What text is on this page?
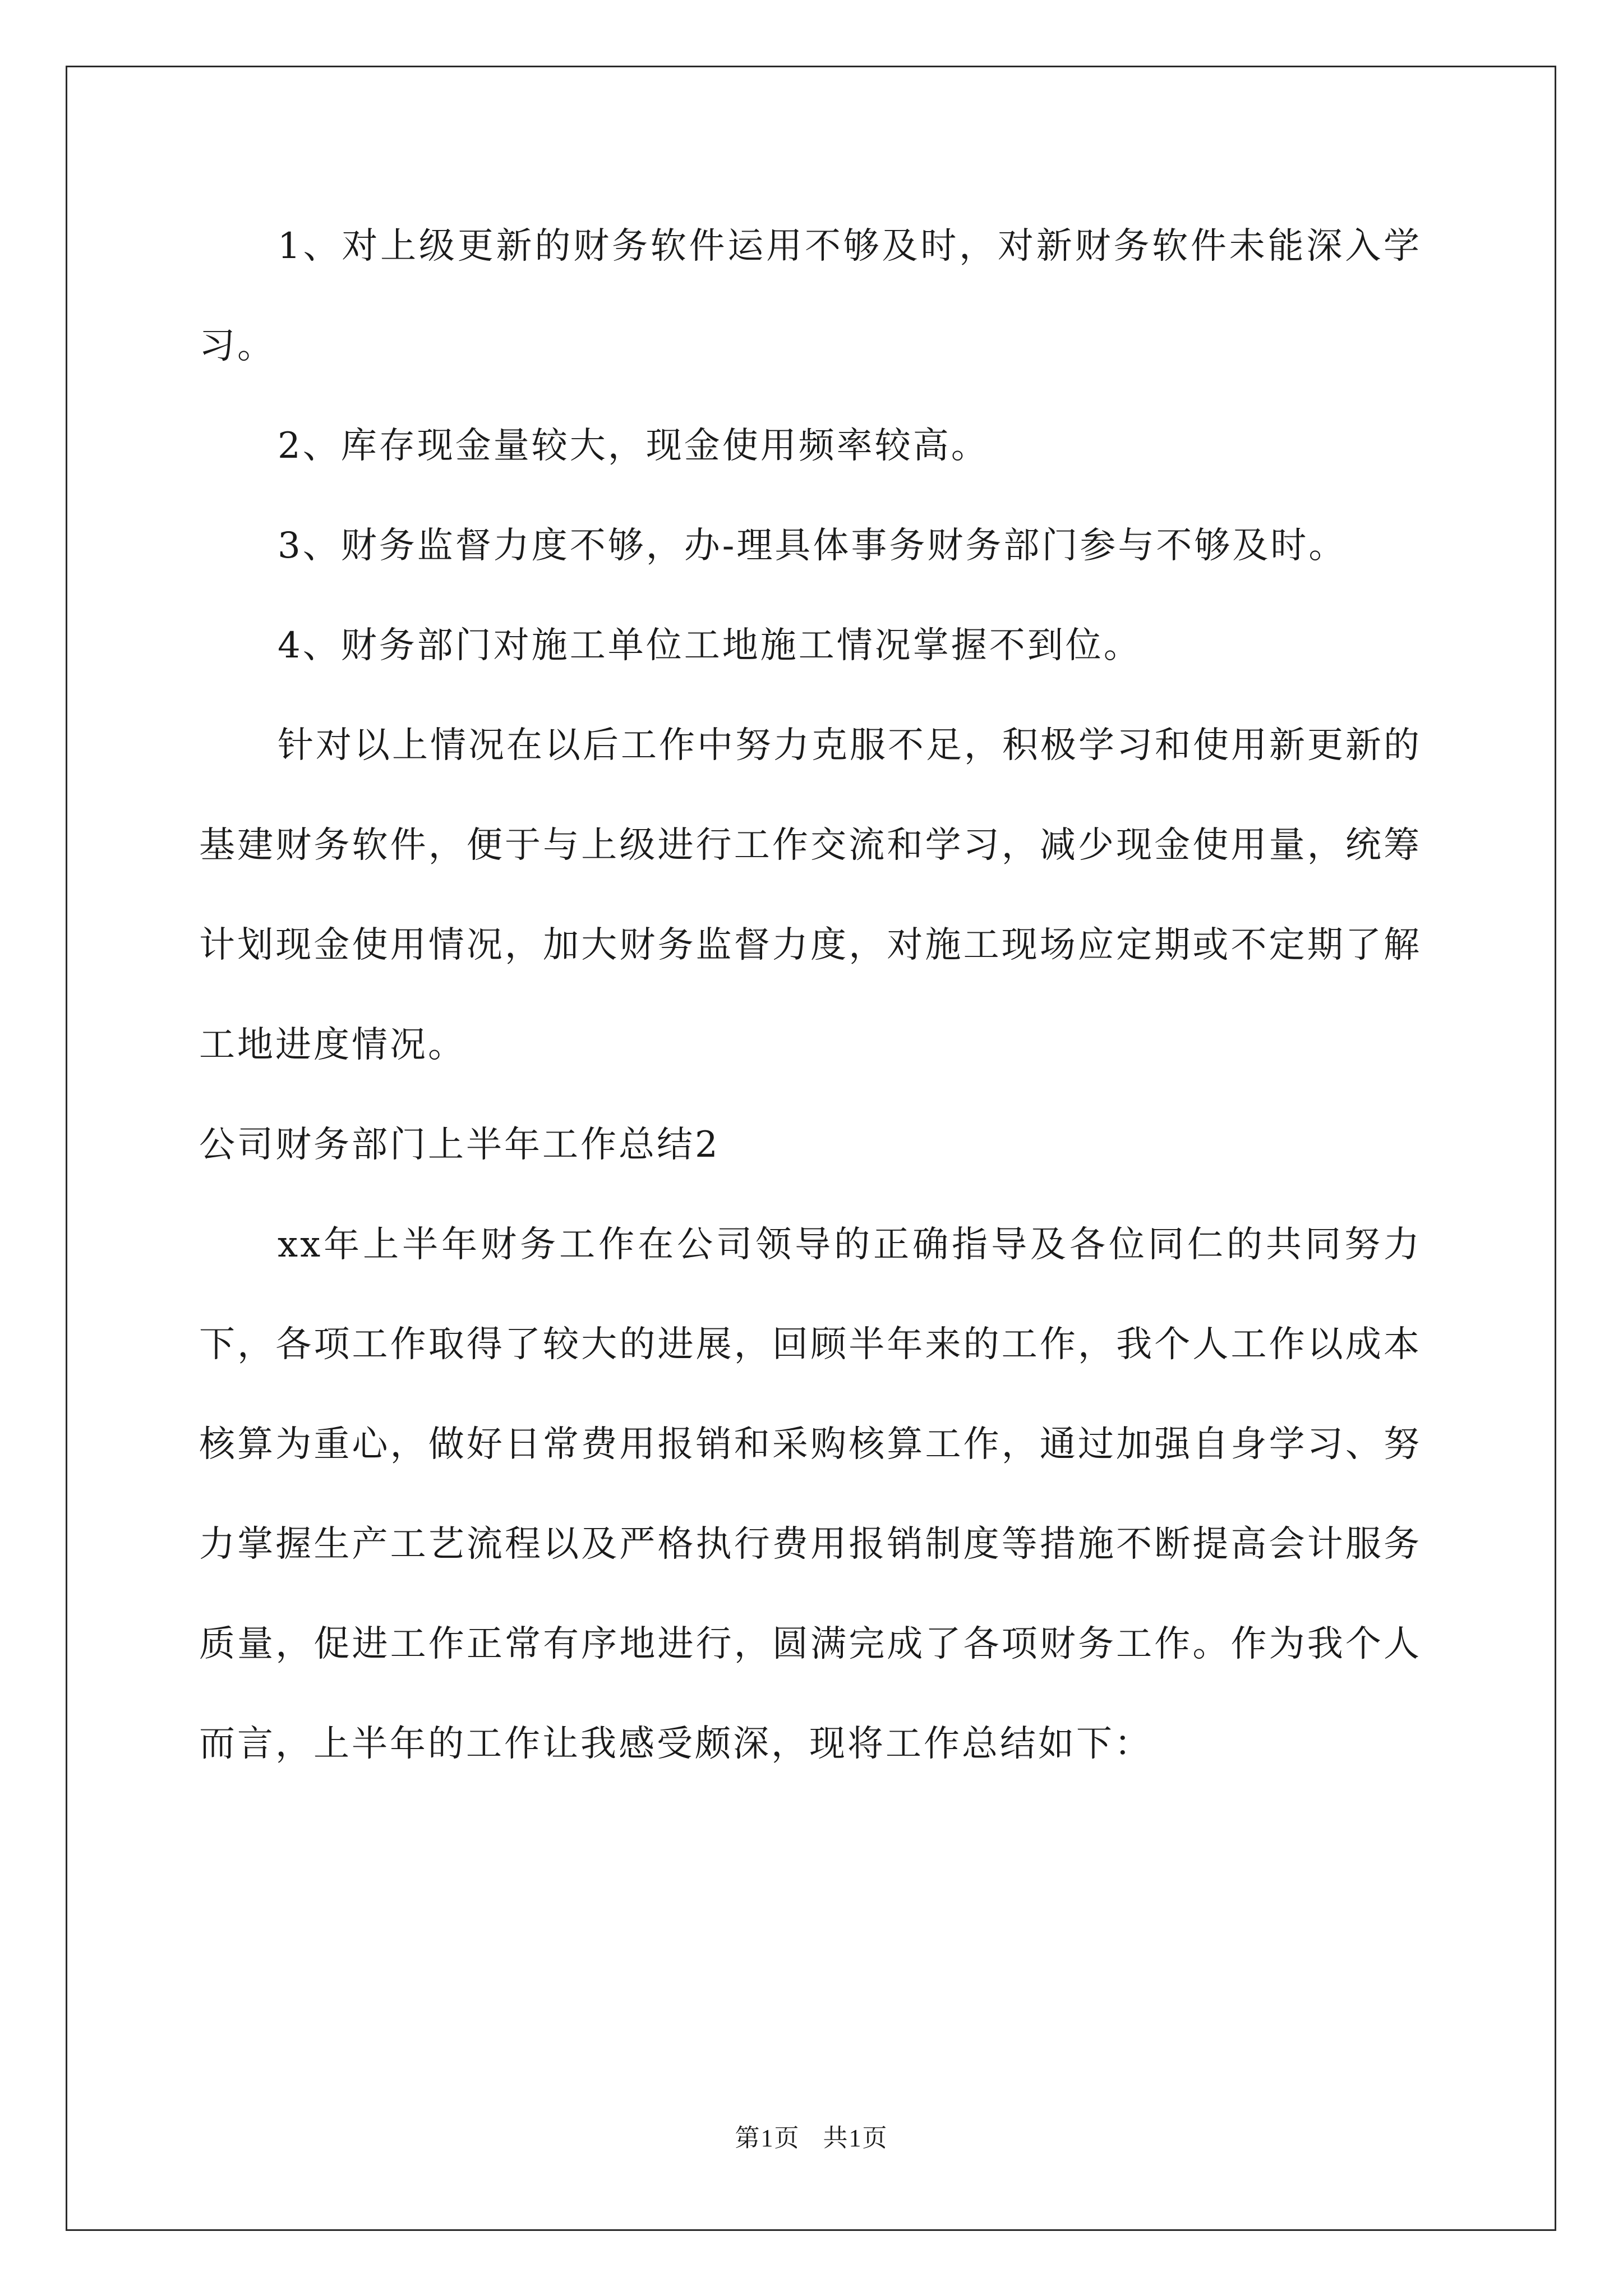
1、对上级更新的财务软件运用不够及时，对新财务软件未能深入学习。

2、库存现金量较大，现金使用频率较高。

3、财务监督力度不够，办-理具体事务财务部门参与不够及时。

4、财务部门对施工单位工地施工情况掌握不到位。

针对以上情况在以后工作中努力克服不足，积极学习和使用新更新的基建财务软件，便于与上级进行工作交流和学习，减少现金使用量，统筹计划现金使用情况，加大财务监督力度，对施工现场应定期或不定期了解工地进度情况。

公司财务部门上半年工作总结2

xx年上半年财务工作在公司领导的正确指导及各位同仁的共同努力下，各项工作取得了较大的进展，回顾半年来的工作，我个人工作以成本核算为重心，做好日常费用报销和采购核算工作，通过加强自身学习、努力掌握生产工艺流程以及严格执行费用报销制度等措施不断提高会计服务质量，促进工作正常有序地进行，圆满完成了各项财务工作。作为我个人而言，上半年的工作让我感受颇深，现将工作总结如下：

第1页 共1页
